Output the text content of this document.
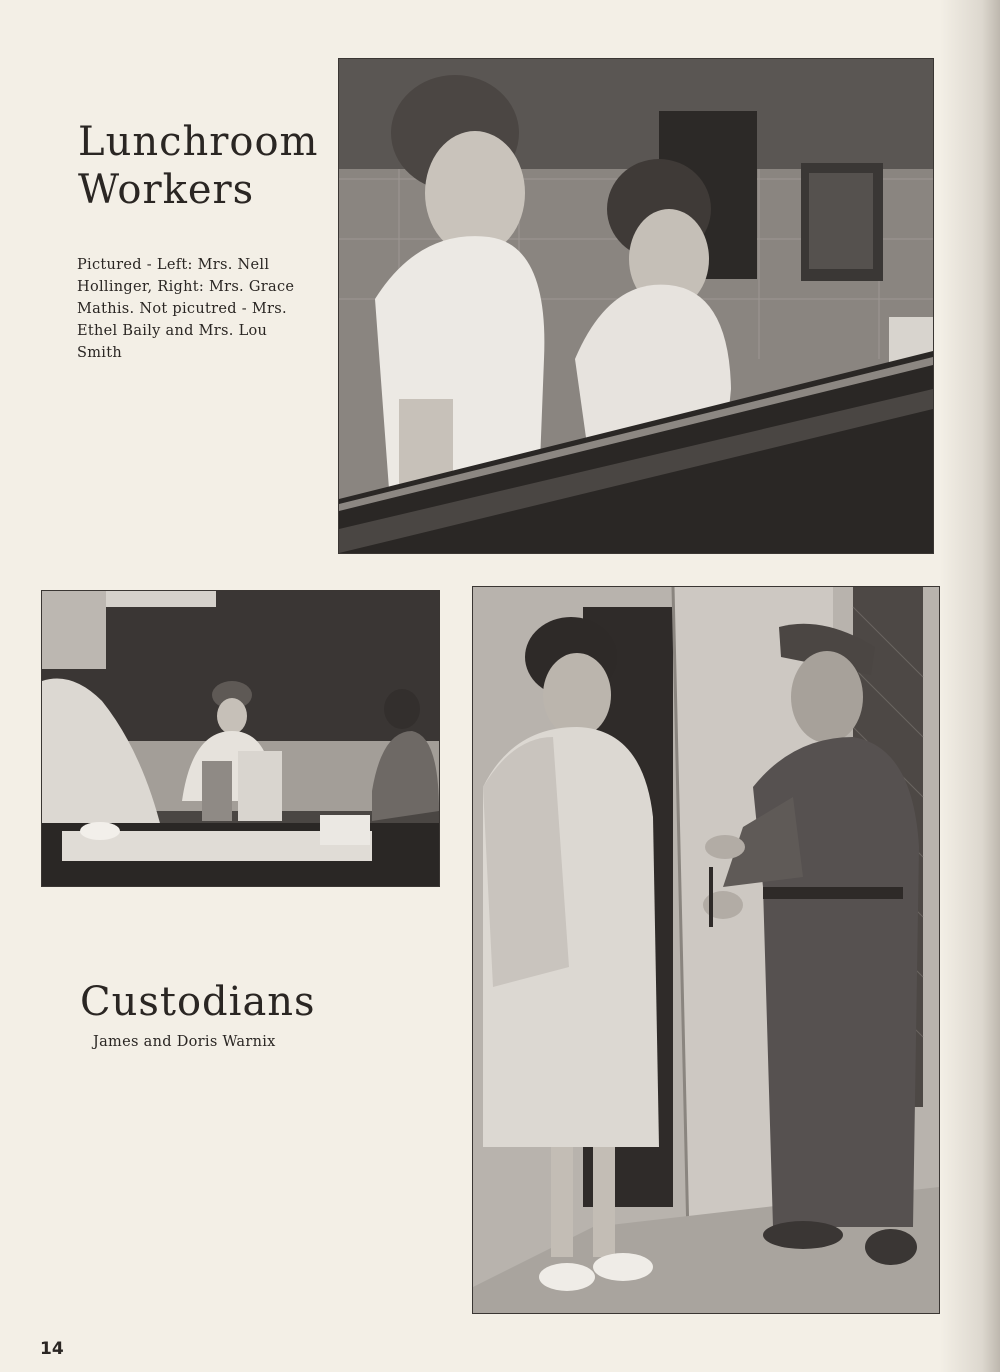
Lunchroom
Workers
Pictured - Left: Mrs. Nell Hollinger, Right: Mrs. Grace Mathis. Not picutred - Mrs. Ethel Baily and Mrs. Lou Smith
Custodians
James and Doris Warnix
14
